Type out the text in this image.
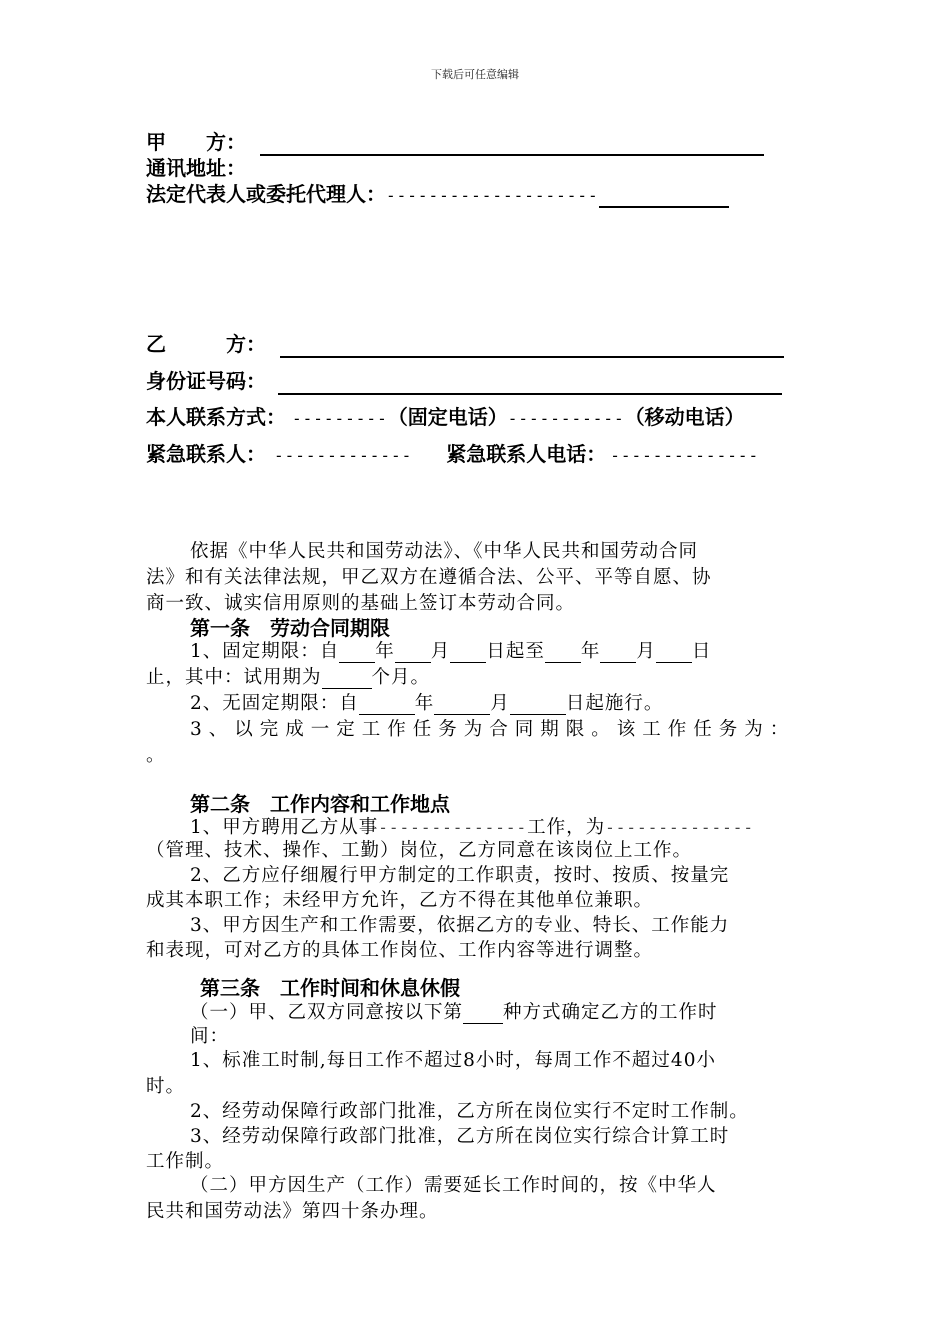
下载后可任意编辑
甲　　方：
通讯地址：
法定代表人或委托代理人：--------------------
乙　　　方：
身份证号码：
本人联系方式： ---------（固定电话）-----------（移动电话）
紧急联系人： ------------- 紧急联系人电话： --------------
依据《中华人民共和国劳动法》、《中华人民共和国劳动合同
法》和有关法律法规，甲乙双方在遵循合法、公平、平等自愿、协
商一致、诚实信用原则的基础上签订本劳动合同。
第一条　劳动合同期限
1、固定期限：自 年 月 日起至 年 月 日
止，其中：试用期为	个月。
2、无固定期限：自	年	月	日起施行。
3、以完成一定工作任务为合同期限。该工作任务为：
。
第二条　工作内容和工作地点
1、甲方聘用乙方从事--------------工作，为--------------
（管理、技术、操作、工勤）岗位，乙方同意在该岗位上工作。
2、乙方应仔细履行甲方制定的工作职责，按时、按质、按量完
成其本职工作；未经甲方允许，乙方不得在其他单位兼职。
3、甲方因生产和工作需要，依据乙方的专业、特长、工作能力
和表现，可对乙方的具体工作岗位、工作内容等进行调整。
第三条　工作时间和休息休假
（一）甲、乙双方同意按以下第 种方式确定乙方的工作时
间：
1、标准工时制,每日工作不超过8小时，每周工作不超过40小
时。
2、经劳动保障行政部门批准，乙方所在岗位实行不定时工作制。
3、经劳动保障行政部门批准，乙方所在岗位实行综合计算工时
工作制。
（二）甲方因生产（工作）需要延长工作时间的，按《中华人
民共和国劳动法》第四十条办理。
